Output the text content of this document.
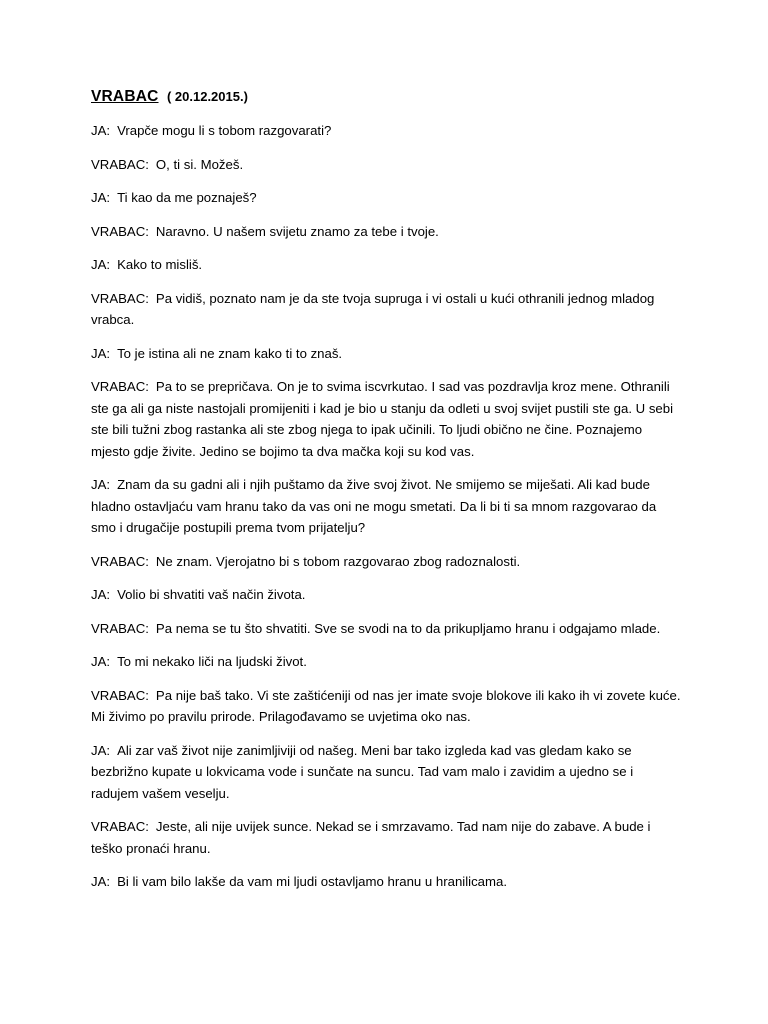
VRABAC ( 20.12.2015.)

JA: Vrapče mogu li s tobom razgovarati?

VRABAC: O, ti si. Možeš.

JA: Ti kao da me poznaješ?

VRABAC: Naravno. U našem svijetu znamo za tebe i tvoje.

JA: Kako to misliš.

VRABAC: Pa vidiš, poznato nam je da ste tvoja supruga i vi ostali u kući othranili jednog mladog vrabca.

JA: To je istina ali ne znam kako ti to znaš.

VRABAC: Pa to se prepričava. On je to svima iscvrkutao. I sad vas pozdravlja kroz mene. Othranili ste ga ali ga niste nastojali promijeniti i kad je bio u stanju da odleti u svoj svijet pustili ste ga. U sebi ste bili tužni zbog rastanka ali ste zbog njega to ipak učinili. To ljudi obično ne čine. Poznajemo mjesto gdje živite. Jedino se bojimo ta dva mačka koji su kod vas.

JA: Znam da su gadni ali i njih puštamo da žive svoj život. Ne smijemo se miješati. Ali kad bude hladno ostavljaću vam hranu tako da vas oni ne mogu smetati. Da li bi ti sa mnom razgovarao da smo i drugačije postupili prema tvom prijatelju?

VRABAC: Ne znam. Vjerojatno bi s tobom razgovarao zbog radoznalosti.

JA: Volio bi shvatiti vaš način života.

VRABAC: Pa nema se tu što shvatiti. Sve se svodi na to da prikupljamo hranu i odgajamo mlade.

JA: To mi nekako liči na ljudski život.

VRABAC: Pa nije baš tako. Vi ste zaštićeniji od nas jer imate svoje blokove ili kako ih vi zovete kuće. Mi živimo po pravilu prirode. Prilagođavamo se uvjetima oko nas.

JA: Ali zar vaš život nije zanimljiviji od našeg. Meni bar tako izgleda kad vas gledam kako se bezbrižno kupate u lokvicama vode i sunčate na suncu. Tad vam malo i zavidim a ujedno se i radujem vašem veselju.

VRABAC: Jeste, ali nije uvijek sunce. Nekad se i smrzavamo. Tad nam nije do zabave. A bude i teško pronaći hranu.

JA: Bi li vam bilo lakše da vam mi ljudi ostavljamo hranu u hranilicama.
